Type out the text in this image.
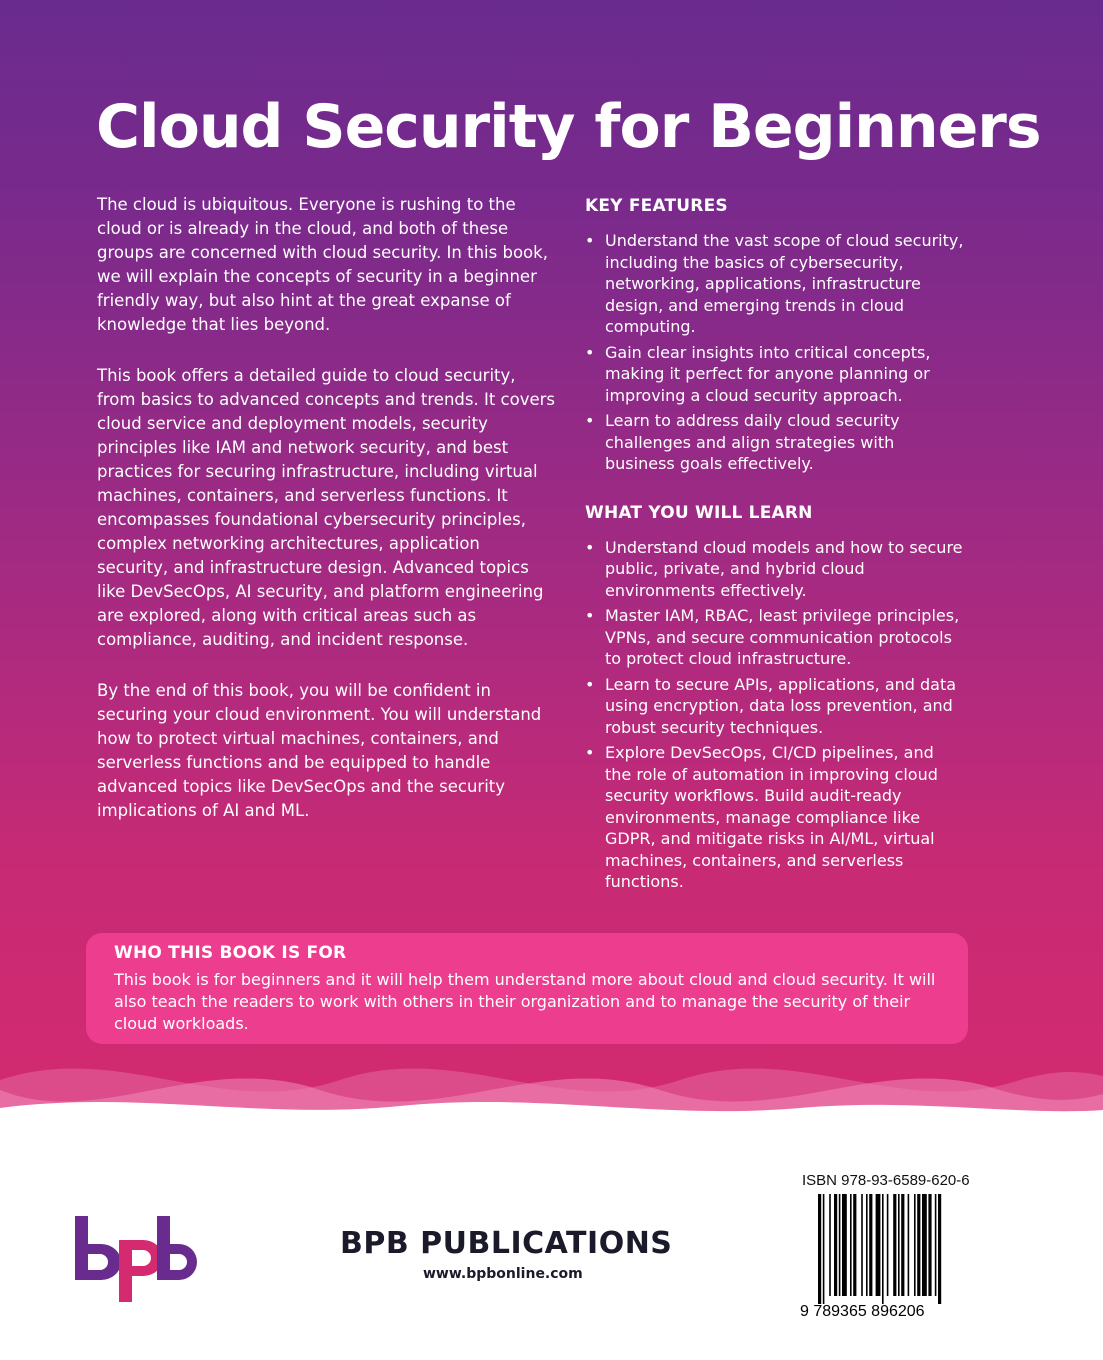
Cloud Security for Beginners

The cloud is ubiquitous. Everyone is rushing to the cloud or is already in the cloud, and both of these groups are concerned with cloud security. In this book, we will explain the concepts of security in a beginner friendly way, but also hint at the great expanse of knowledge that lies beyond.

This book offers a detailed guide to cloud security, from basics to advanced concepts and trends. It covers cloud service and deployment models, security principles like IAM and network security, and best practices for securing infrastructure, including virtual machines, containers, and serverless functions. It encompasses foundational cybersecurity principles, complex networking architectures, application security, and infrastructure design. Advanced topics like DevSecOps, AI security, and platform engineering are explored, along with critical areas such as compliance, auditing, and incident response.

By the end of this book, you will be confident in securing your cloud environment. You will understand how to protect virtual machines, containers, and serverless functions and be equipped to handle advanced topics like DevSecOps and the security implications of AI and ML.

KEY FEATURES
• Understand the vast scope of cloud security, including the basics of cybersecurity, networking, applications, infrastructure design, and emerging trends in cloud computing.
• Gain clear insights into critical concepts, making it perfect for anyone planning or improving a cloud security approach.
• Learn to address daily cloud security challenges and align strategies with business goals effectively.
WHAT YOU WILL LEARN
• Understand cloud models and how to secure public, private, and hybrid cloud environments effectively.
• Master IAM, RBAC, least privilege principles, VPNs, and secure communication protocols to protect cloud infrastructure.
• Learn to secure APIs, applications, and data using encryption, data loss prevention, and robust security techniques.
• Explore DevSecOps, CI/CD pipelines, and the role of automation in improving cloud security workflows. Build audit-ready environments, manage compliance like GDPR, and mitigate risks in AI/ML, virtual machines, containers, and serverless functions.
WHO THIS BOOK IS FOR

This book is for beginners and it will help them understand more about cloud and cloud security. It will also teach the readers to work with others in their organization and to manage the security of their cloud workloads.

BPB PUBLICATIONS
www.bpbonline.com
ISBN 978-93-6589-620-6
9 789365 896206
